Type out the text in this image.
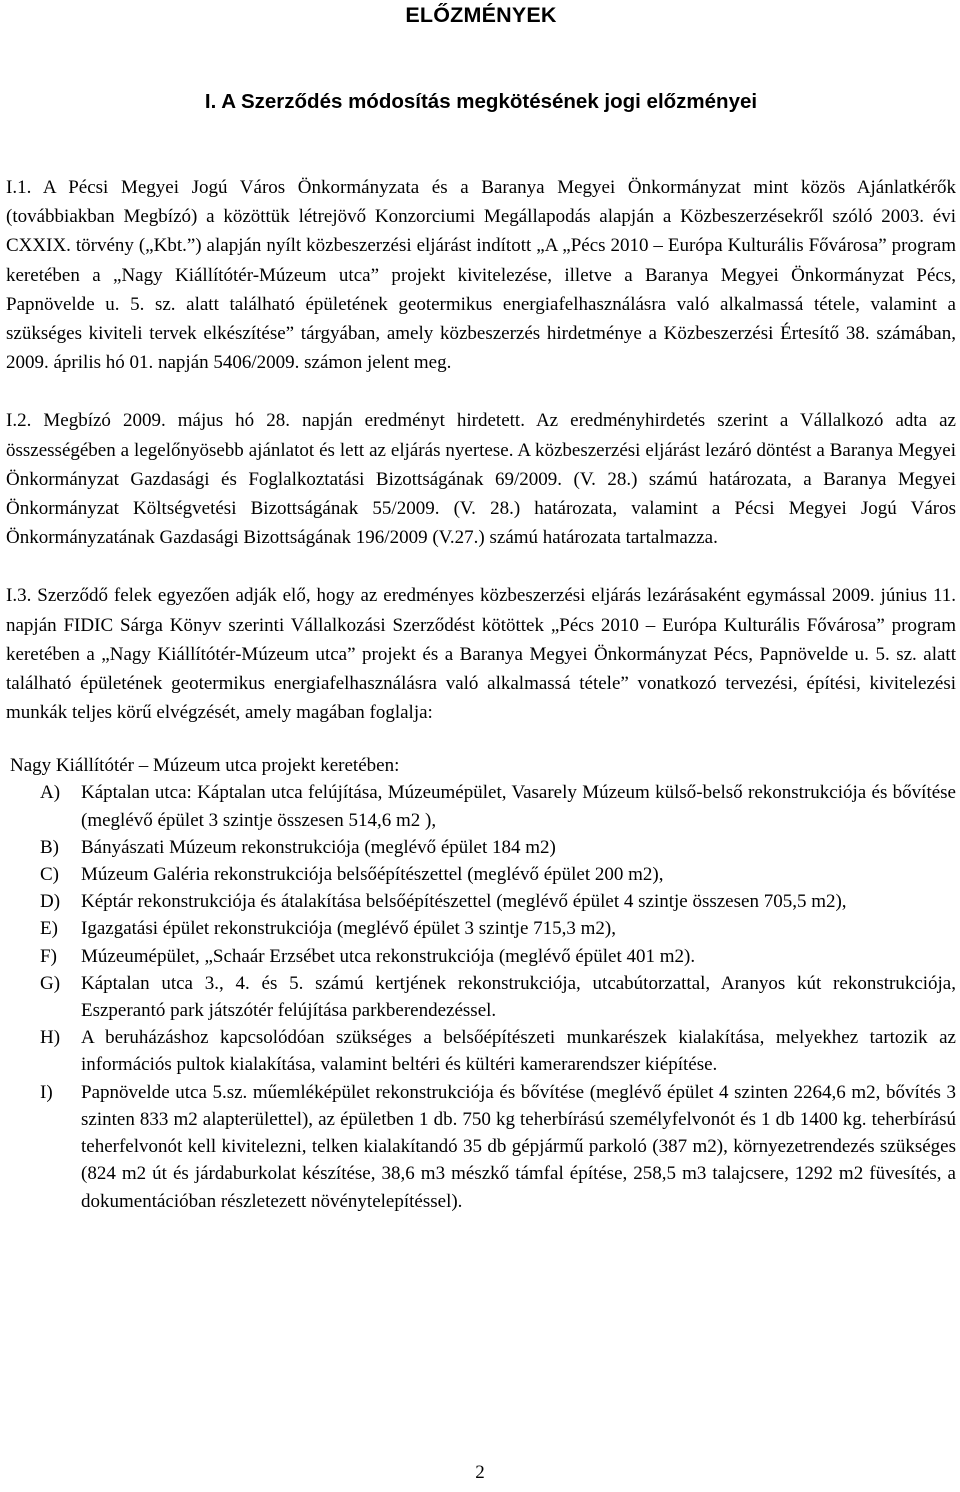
ELŐZMÉNYEK
I. A Szerződés módosítás megkötésének jogi előzményei

I.1. A Pécsi Megyei Jogú Város Önkormányzata és a Baranya Megyei Önkormányzat mint közös Ajánlatkérők (továbbiakban Megbízó) a közöttük létrejövő Konzorciumi Megállapodás alapján a Közbeszerzésekről szóló 2003. évi CXXIX. törvény („Kbt.”) alapján nyílt közbeszerzési eljárást indított „A „Pécs 2010 – Európa Kulturális Fővárosa” program keretében a „Nagy Kiállítótér-Múzeum utca” projekt kivitelezése, illetve a Baranya Megyei Önkormányzat Pécs, Papnövelde u. 5. sz. alatt található épületének geotermikus energiafelhasználásra való alkalmassá tétele, valamint a szükséges kiviteli tervek elkészítése” tárgyában, amely közbeszerzés hirdetménye a Közbeszerzési Értesítő 38. számában, 2009. április hó 01. napján 5406/2009. számon jelent meg.

I.2. Megbízó 2009. május hó 28. napján eredményt hirdetett. Az eredményhirdetés szerint a Vállalkozó adta az összességében a legelőnyösebb ajánlatot és lett az eljárás nyertese. A közbeszerzési eljárást lezáró döntést a Baranya Megyei Önkormányzat Gazdasági és Foglalkoztatási Bizottságának 69/2009. (V. 28.) számú határozata, a Baranya Megyei Önkormányzat Költségvetési Bizottságának 55/2009. (V. 28.) határozata, valamint a Pécsi Megyei Jogú Város Önkormányzatának Gazdasági Bizottságának 196/2009 (V.27.) számú határozata tartalmazza.

I.3. Szerződő felek egyezően adják elő, hogy az eredményes közbeszerzési eljárás lezárásaként egymással 2009. június 11. napján FIDIC Sárga Könyv szerinti Vállalkozási Szerződést kötöttek „Pécs 2010 – Európa Kulturális Fővárosa” program keretében a „Nagy Kiállítótér-Múzeum utca” projekt és a Baranya Megyei Önkormányzat Pécs, Papnövelde u. 5. sz. alatt található épületének geotermikus energiafelhasználásra való alkalmassá tétele” vonatkozó tervezési, építési, kivitelezési munkák teljes körű elvégzését, amely magában foglalja:

Nagy Kiállítótér – Múzeum utca projekt keretében:
A) Káptalan utca: Káptalan utca felújítása, Múzeumépület, Vasarely Múzeum külső-belső rekonstrukciója és bővítése (meglévő épület 3 szintje összesen 514,6 m2 ),
B) Bányászati Múzeum rekonstrukciója (meglévő épület 184 m2)
C) Múzeum Galéria rekonstrukciója belsőépítészettel (meglévő épület 200 m2),
D) Képtár rekonstrukciója és átalakítása belsőépítészettel (meglévő épület 4 szintje összesen 705,5 m2),
E) Igazgatási épület rekonstrukciója (meglévő épület 3 szintje 715,3 m2),
F) Múzeumépület, „Schaár Erzsébet utca rekonstrukciója (meglévő épület 401 m2).
G) Káptalan utca 3., 4. és 5. számú kertjének rekonstrukciója, utcabútorzattal, Aranyos kút rekonstrukciója, Eszperantó park játszótér felújítása parkberendezéssel.
H) A beruházáshoz kapcsolódóan szükséges a belsőépítészeti munkarészek kialakítása, melyekhez tartozik az információs pultok kialakítása, valamint beltéri és kültéri kamerarendszer kiépítése.
I) Papnövelde utca 5.sz. műemléképület rekonstrukciója és bővítése (meglévő épület 4 szinten 2264,6 m2, bővítés 3 szinten 833 m2 alapterülettel), az épületben 1 db. 750 kg teherbírású személyfelvonót és 1 db 1400 kg. teherbírású teherfelvonót kell kivitelezni, telken kialakítandó 35 db gépjármű parkoló (387 m2), környezetrendezés szükséges (824 m2 út és járdaburkolat készítése, 38,6 m3 mészkő támfal építése, 258,5 m3 talajcsere, 1292 m2 füvesítés, a dokumentációban részletezett növénytelepítéssel).
2
